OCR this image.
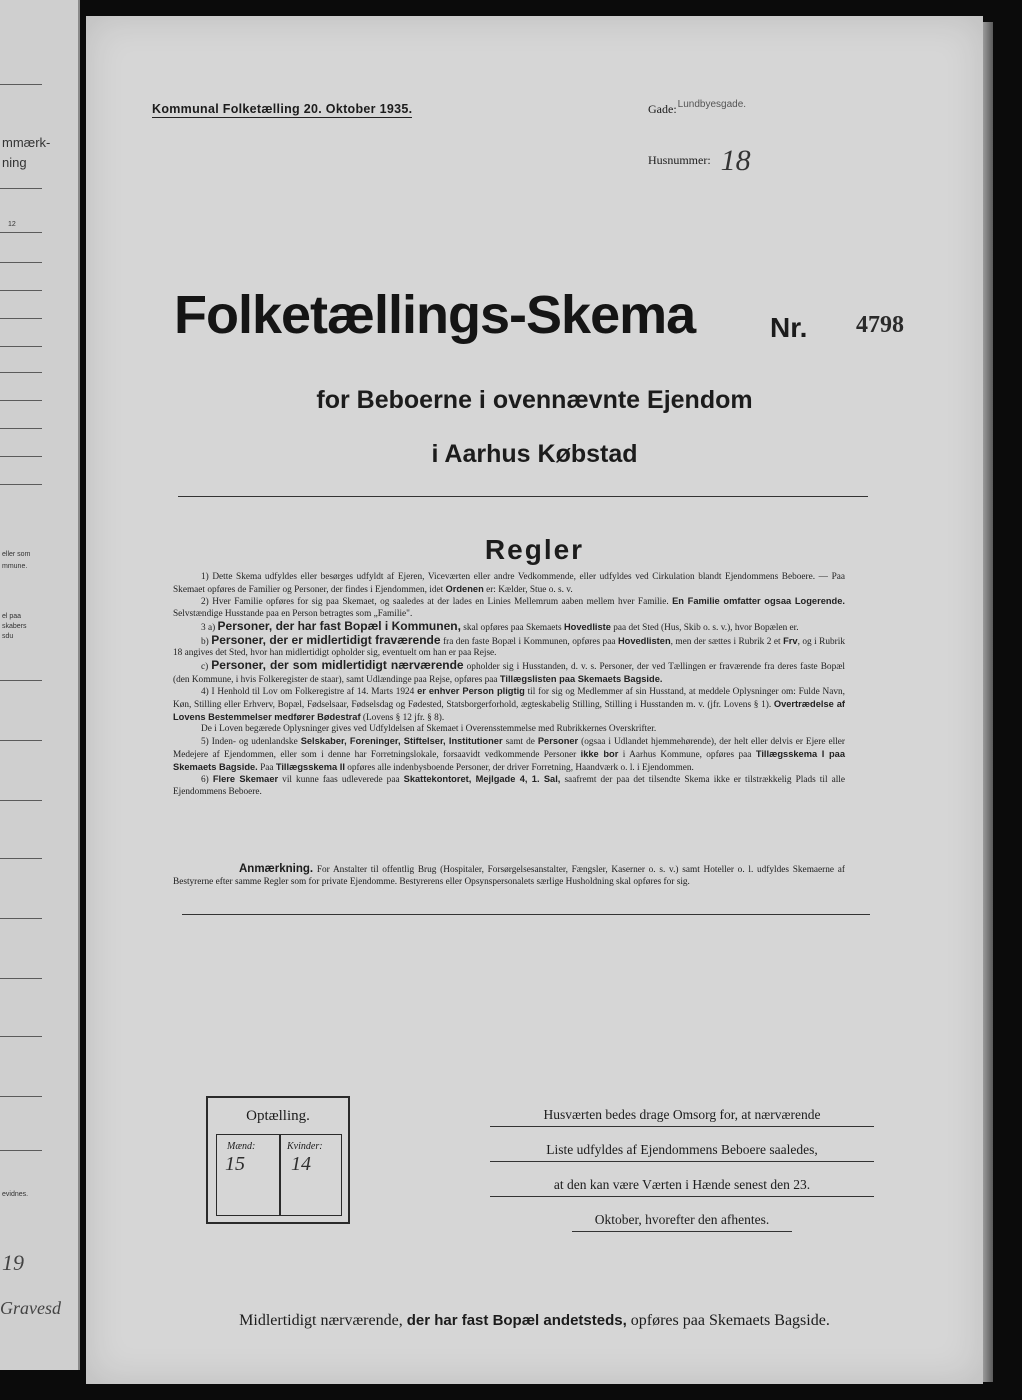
mmærk-
ning
12
eller som
mmune.
el paa
skabers
sdu
evidnes.
19
Gravesd
Kommunal Folketælling 20. Oktober 1935.	Gade:$^{Lundbyesgade.}$
Husnummer: 18
Folketællings-Skema	Nr. 4798
for Beboerne i ovennævnte Ejendom
i Aarhus Købstad
Regler

1) Dette Skema udfyldes eller besørges udfyldt af Ejeren, Viceværten eller andre Vedkommende, eller udfyldes ved Cirkulation blandt Ejendommens Beboere. — Paa Skemaet opføres de Familier og Personer, der findes i Ejendommen, idet Ordenen er: Kælder, Stue o. s. v.

2) Hver Familie opføres for sig paa Skemaet, og saaledes at der lades en Linies Mellemrum aaben mellem hver Familie. En Familie omfatter ogsaa Logerende. Selvstændige Husstande paa en Person betragtes som „Familie".

3 a) Personer, der har fast Bopæl i Kommunen, skal opføres paa Skemaets Hovedliste paa det Sted (Hus, Skib o. s. v.), hvor Bopælen er.

b) Personer, der er midlertidigt fraværende fra den faste Bopæl i Kommunen, opføres paa Hovedlisten, men der sættes i Rubrik 2 et Frv, og i Rubrik 18 angives det Sted, hvor han midlertidigt opholder sig, eventuelt om han er paa Rejse.

c) Personer, der som midlertidigt nærværende opholder sig i Husstanden, d. v. s. Personer, der ved Tællingen er fraværende fra deres faste Bopæl (den Kommune, i hvis Folkeregister de staar), samt Udlændinge paa Rejse, opføres paa Tillægslisten paa Skemaets Bagside.

4) I Henhold til Lov om Folkeregistre af 14. Marts 1924 er enhver Person pligtig til for sig og Medlemmer af sin Husstand, at meddele Oplysninger om: Fulde Navn, Køn, Stilling eller Erhverv, Bopæl, Fødselsaar, Fødselsdag og Fødested, Statsborgerforhold, ægteskabelig Stilling, Stilling i Husstanden m. v. (jfr. Lovens § 1). Overtrædelse af Lovens Bestemmelser medfører Bødestraf (Lovens § 12 jfr. § 8).

De i Loven begærede Oplysninger gives ved Udfyldelsen af Skemaet i Overensstemmelse med Rubrikkernes Overskrifter.

5) Inden- og udenlandske Selskaber, Foreninger, Stiftelser, Institutioner samt de Personer (ogsaa i Udlandet hjemmehørende), der helt eller delvis er Ejere eller Medejere af Ejendommen, eller som i denne har Forretningslokale, forsaavidt vedkommende Personer ikke bor i Aarhus Kommune, opføres paa Tillægsskema I paa Skemaets Bagside. Paa Tillægsskema II opføres alle indenbysboende Personer, der driver Forretning, Haandværk o. l. i Ejendommen.

6) Flere Skemaer vil kunne faas udleverede paa Skattekontoret, Mejlgade 4, 1. Sal, saafremt der paa det tilsendte Skema ikke er tilstrækkelig Plads til alle Ejendommens Beboere.

Anmærkning. For Anstalter til offentlig Brug (Hospitaler, Forsørgelsesanstalter, Fængsler, Kaserner o. s. v.) samt Hoteller o. l. udfyldes Skemaerne af Bestyrerne efter samme Regler som for private Ejendomme. Bestyrerens eller Opsynspersonalets særlige Husholdning skal opføres for sig.

Optælling.
Mænd:
15
Kvinder:
14
Husværten bedes drage Omsorg for, at nærværende
Liste udfyldes af Ejendommens Beboere saaledes,
at den kan være Værten i Hænde senest den 23.
Oktober, hvorefter den afhentes.
Midlertidigt nærværende, der har fast Bopæl andetsteds, opføres paa Skemaets Bagside.
